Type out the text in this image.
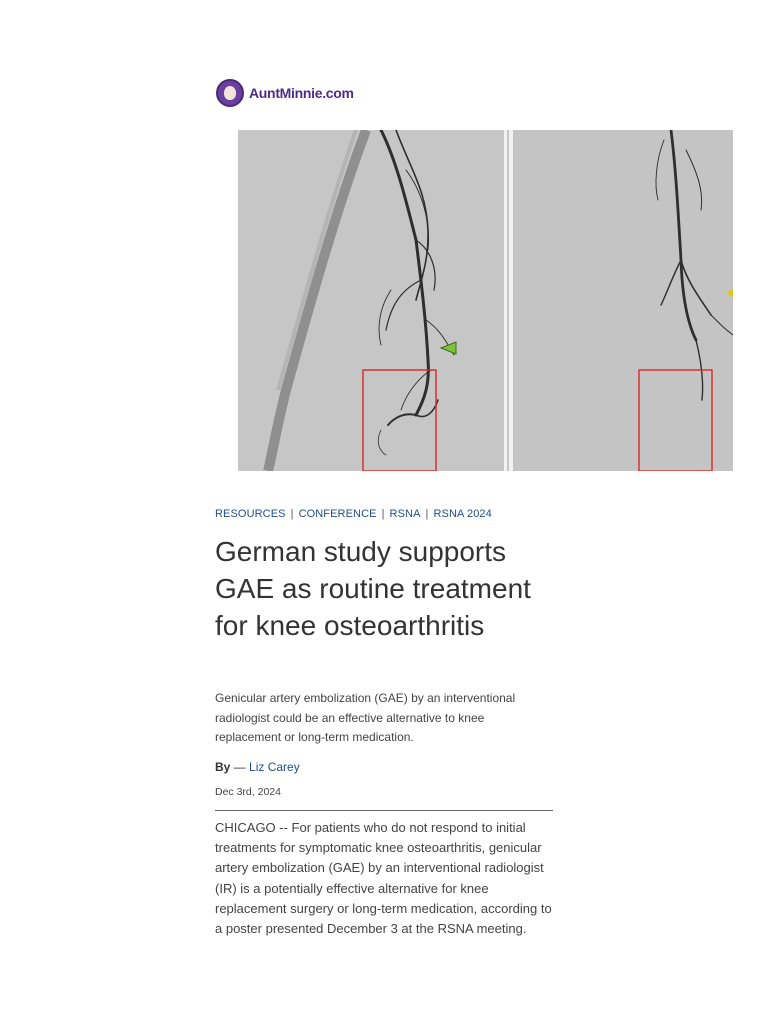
AuntMinnie.com
RESOURCES | CONFERENCE | RSNA | RSNA 2024
German study supports GAE as routine treatment for knee osteoarthritis

Genicular artery embolization (GAE) by an interventional radiologist could be an effective alternative to knee replacement or long-term medication.

By — Liz Carey
Dec 3rd, 2024

CHICAGO -- For patients who do not respond to initial treatments for symptomatic knee osteoarthritis, genicular artery embolization (GAE) by an interventional radiologist (IR) is a potentially effective alternative for knee replacement surgery or long-term medication, according to a poster presented December 3 at the RSNA meeting.
